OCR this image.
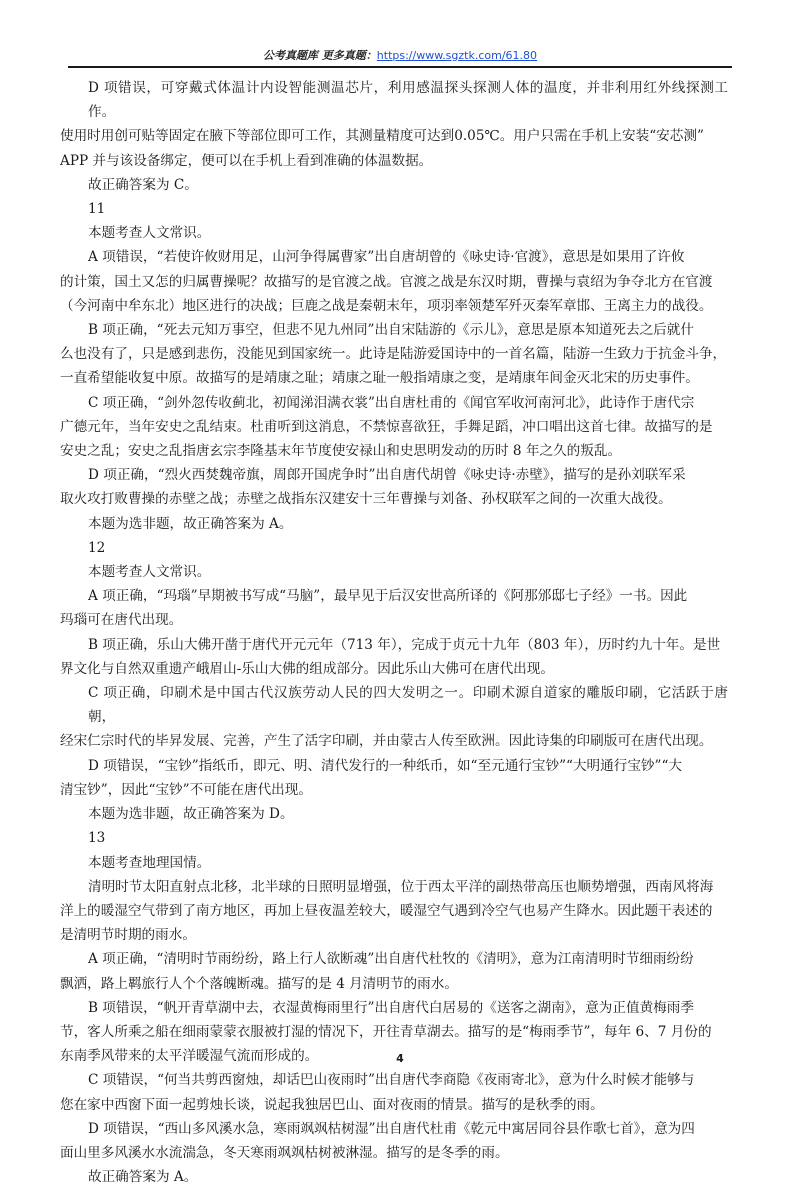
公考真题库 更多真题：https://www.sgztk.com/61.80

D 项错误，可穿戴式体温计内设智能测温芯片，利用感温探头探测人体的温度，并非利用红外线探测工作。

使用时用创可贴等固定在腋下等部位即可工作，其测量精度可达到0.05℃。用户只需在手机上安装“安芯测”

APP 并与该设备绑定，便可以在手机上看到准确的体温数据。

故正确答案为 C。

11

本题考查人文常识。

A 项错误，“若使许攸财用足，山河争得属曹家”出自唐胡曾的《咏史诗·官渡》，意思是如果用了许攸

的计策，国土又怎的归属曹操呢？故描写的是官渡之战。官渡之战是东汉时期，曹操与袁绍为争夺北方在官渡

（今河南中牟东北）地区进行的决战；巨鹿之战是秦朝末年，项羽率领楚军歼灭秦军章邯、王离主力的战役。

B 项正确，“死去元知万事空，但悲不见九州同”出自宋陆游的《示儿》，意思是原本知道死去之后就什

么也没有了，只是感到悲伤，没能见到国家统一。此诗是陆游爱国诗中的一首名篇，陆游一生致力于抗金斗争，

一直希望能收复中原。故描写的是靖康之耻；靖康之耻一般指靖康之变，是靖康年间金灭北宋的历史事件。

C 项正确，“剑外忽传收蓟北，初闻涕泪满衣裳”出自唐杜甫的《闻官军收河南河北》，此诗作于唐代宗

广德元年，当年安史之乱结束。杜甫听到这消息，不禁惊喜欲狂，手舞足蹈，冲口唱出这首七律。故描写的是

安史之乱；安史之乱指唐玄宗李隆基末年节度使安禄山和史思明发动的历时 8 年之久的叛乱。

D 项正确，“烈火西焚魏帝旗，周郎开国虎争时”出自唐代胡曾《咏史诗·赤壁》，描写的是孙刘联军采

取火攻打败曹操的赤壁之战；赤壁之战指东汉建安十三年曹操与刘备、孙权联军之间的一次重大战役。

本题为选非题，故正确答案为 A。

12

本题考查人文常识。

A 项正确，“玛瑙”早期被书写成“马脑”，最早见于后汉安世高所译的《阿那邠邸七子经》一书。因此

玛瑙可在唐代出现。

B 项正确，乐山大佛开凿于唐代开元元年（713 年），完成于贞元十九年（803 年），历时约九十年。是世

界文化与自然双重遗产峨眉山-乐山大佛的组成部分。因此乐山大佛可在唐代出现。

C 项正确，印刷术是中国古代汉族劳动人民的四大发明之一。印刷术源自道家的雕版印刷，它活跃于唐朝，

经宋仁宗时代的毕昇发展、完善，产生了活字印刷，并由蒙古人传至欧洲。因此诗集的印刷版可在唐代出现。

D 项错误，“宝钞”指纸币，即元、明、清代发行的一种纸币，如“至元通行宝钞”“大明通行宝钞”“大

清宝钞”，因此“宝钞”不可能在唐代出现。

本题为选非题，故正确答案为 D。

13

本题考查地理国情。

清明时节太阳直射点北移，北半球的日照明显增强，位于西太平洋的副热带高压也顺势增强，西南风将海

洋上的暖湿空气带到了南方地区，再加上昼夜温差较大，暖湿空气遇到冷空气也易产生降水。因此题干表述的

是清明节时期的雨水。

A 项正确，“清明时节雨纷纷，路上行人欲断魂”出自唐代杜牧的《清明》，意为江南清明时节细雨纷纷

飘洒，路上羁旅行人个个落魄断魂。描写的是 4 月清明节的雨水。

B 项错误，“帆开青草湖中去，衣湿黄梅雨里行”出自唐代白居易的《送客之湖南》，意为正值黄梅雨季

节，客人所乘之船在细雨蒙蒙衣服被打湿的情况下，开往青草湖去。描写的是“梅雨季节”，每年 6、7 月份的

东南季风带来的太平洋暖湿气流而形成的。

C 项错误，“何当共剪西窗烛，却话巴山夜雨时”出自唐代李商隐《夜雨寄北》，意为什么时候才能够与

您在家中西窗下面一起剪烛长谈，说起我独居巴山、面对夜雨的情景。描写的是秋季的雨。

D 项错误，“西山多风溪水急，寒雨飒飒枯树湿”出自唐代杜甫《乾元中寓居同谷县作歌七首》，意为四

面山里多风溪水水流湍急，冬天寒雨飒飒枯树被淋湿。描写的是冬季的雨。

故正确答案为 A。

4
